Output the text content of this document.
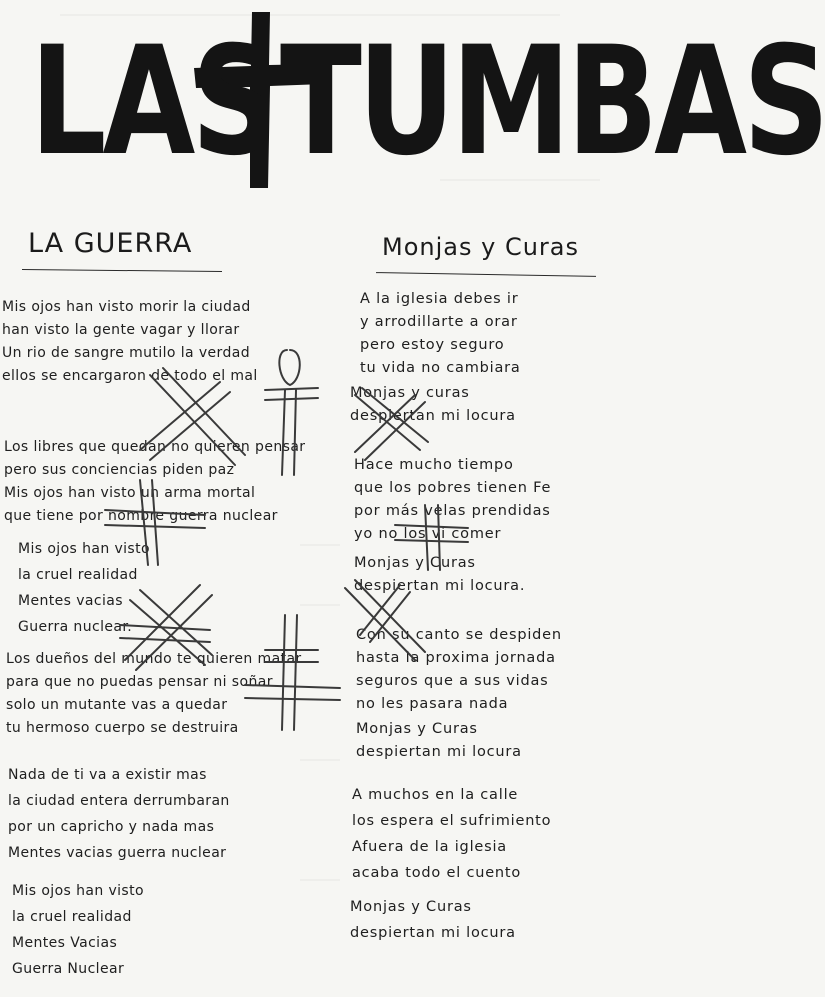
LAS TUMBAS
LA GUERRA	Monjas y Curas
Mis ojos han visto morir la ciudad
han visto la gente vagar y llorar
Un rio de sangre mutilo la verdad
ellos se encargaron de todo el mal
Los libres que quedan no quieren pensar
pero sus conciencias piden paz
Mis ojos han visto un arma mortal
que tiene por nombre guerra nuclear
Mis ojos han visto
la cruel realidad
Mentes vacias
Guerra nuclear.
Los dueños del mundo te quieren matar
para que no puedas pensar ni soñar
solo un mutante vas a quedar
tu hermoso cuerpo se destruira
Nada de ti va a existir mas
la ciudad entera derrumbaran
por un capricho y nada mas
Mentes vacias guerra nuclear
Mis ojos han visto
la cruel realidad
Mentes Vacias
Guerra Nuclear
A la iglesia debes ir
y arrodillarte a orar
pero estoy seguro
tu vida no cambiara
Monjas y curas
despiertan mi locura
Hace mucho tiempo
que los pobres tienen Fe
por más velas prendidas
yo no los vi comer
Monjas y Curas
despiertan mi locura.
Con su canto se despiden
hasta la proxima jornada
seguros que a sus vidas
no les pasara nada
Monjas y Curas
despiertan mi locura
A muchos en la calle
los espera el sufrimiento
Afuera de la iglesia
acaba todo el cuento
Monjas y Curas
despiertan mi locura
